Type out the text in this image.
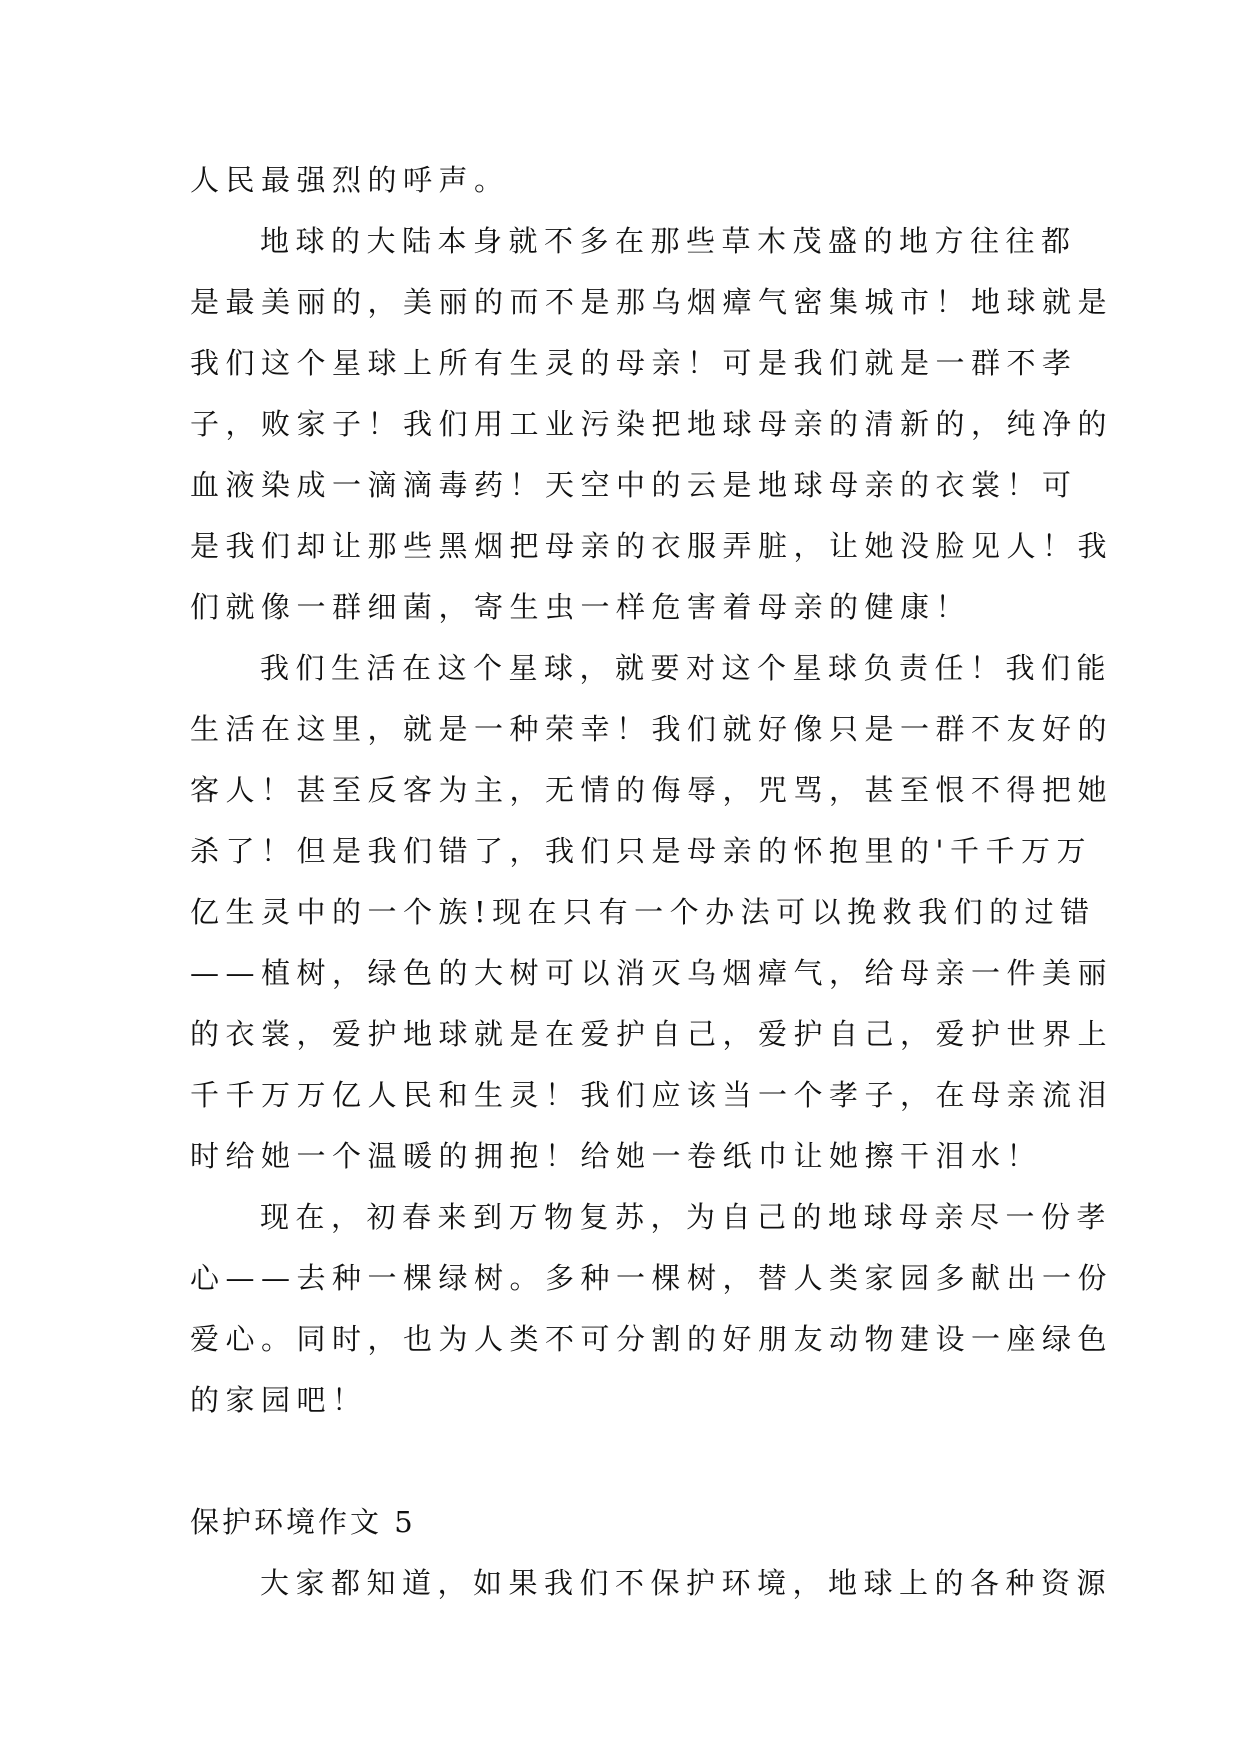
人民最强烈的呼声。
地球的大陆本身就不多在那些草木茂盛的地方往往都
是最美丽的，美丽的而不是那乌烟瘴气密集城市！地球就是
我们这个星球上所有生灵的母亲！可是我们就是一群不孝
子，败家子！我们用工业污染把地球母亲的清新的，纯净的
血液染成一滴滴毒药！天空中的云是地球母亲的衣裳！可
是我们却让那些黑烟把母亲的衣服弄脏，让她没脸见人！我
们就像一群细菌，寄生虫一样危害着母亲的健康！
我们生活在这个星球，就要对这个星球负责任！我们能
生活在这里，就是一种荣幸！我们就好像只是一群不友好的
客人！甚至反客为主，无情的侮辱，咒骂，甚至恨不得把她
杀了！但是我们错了，我们只是母亲的怀抱里的'千千万万
亿生灵中的一个族!现在只有一个办法可以挽救我们的过错
——植树，绿色的大树可以消灭乌烟瘴气，给母亲一件美丽
的衣裳，爱护地球就是在爱护自己，爱护自己，爱护世界上
千千万万亿人民和生灵！我们应该当一个孝子，在母亲流泪
时给她一个温暖的拥抱！给她一卷纸巾让她擦干泪水！
现在，初春来到万物复苏，为自己的地球母亲尽一份孝
心——去种一棵绿树。多种一棵树，替人类家园多献出一份
爱心。同时，也为人类不可分割的好朋友动物建设一座绿色
的家园吧！
保护环境作文 5
大家都知道，如果我们不保护环境，地球上的各种资源
